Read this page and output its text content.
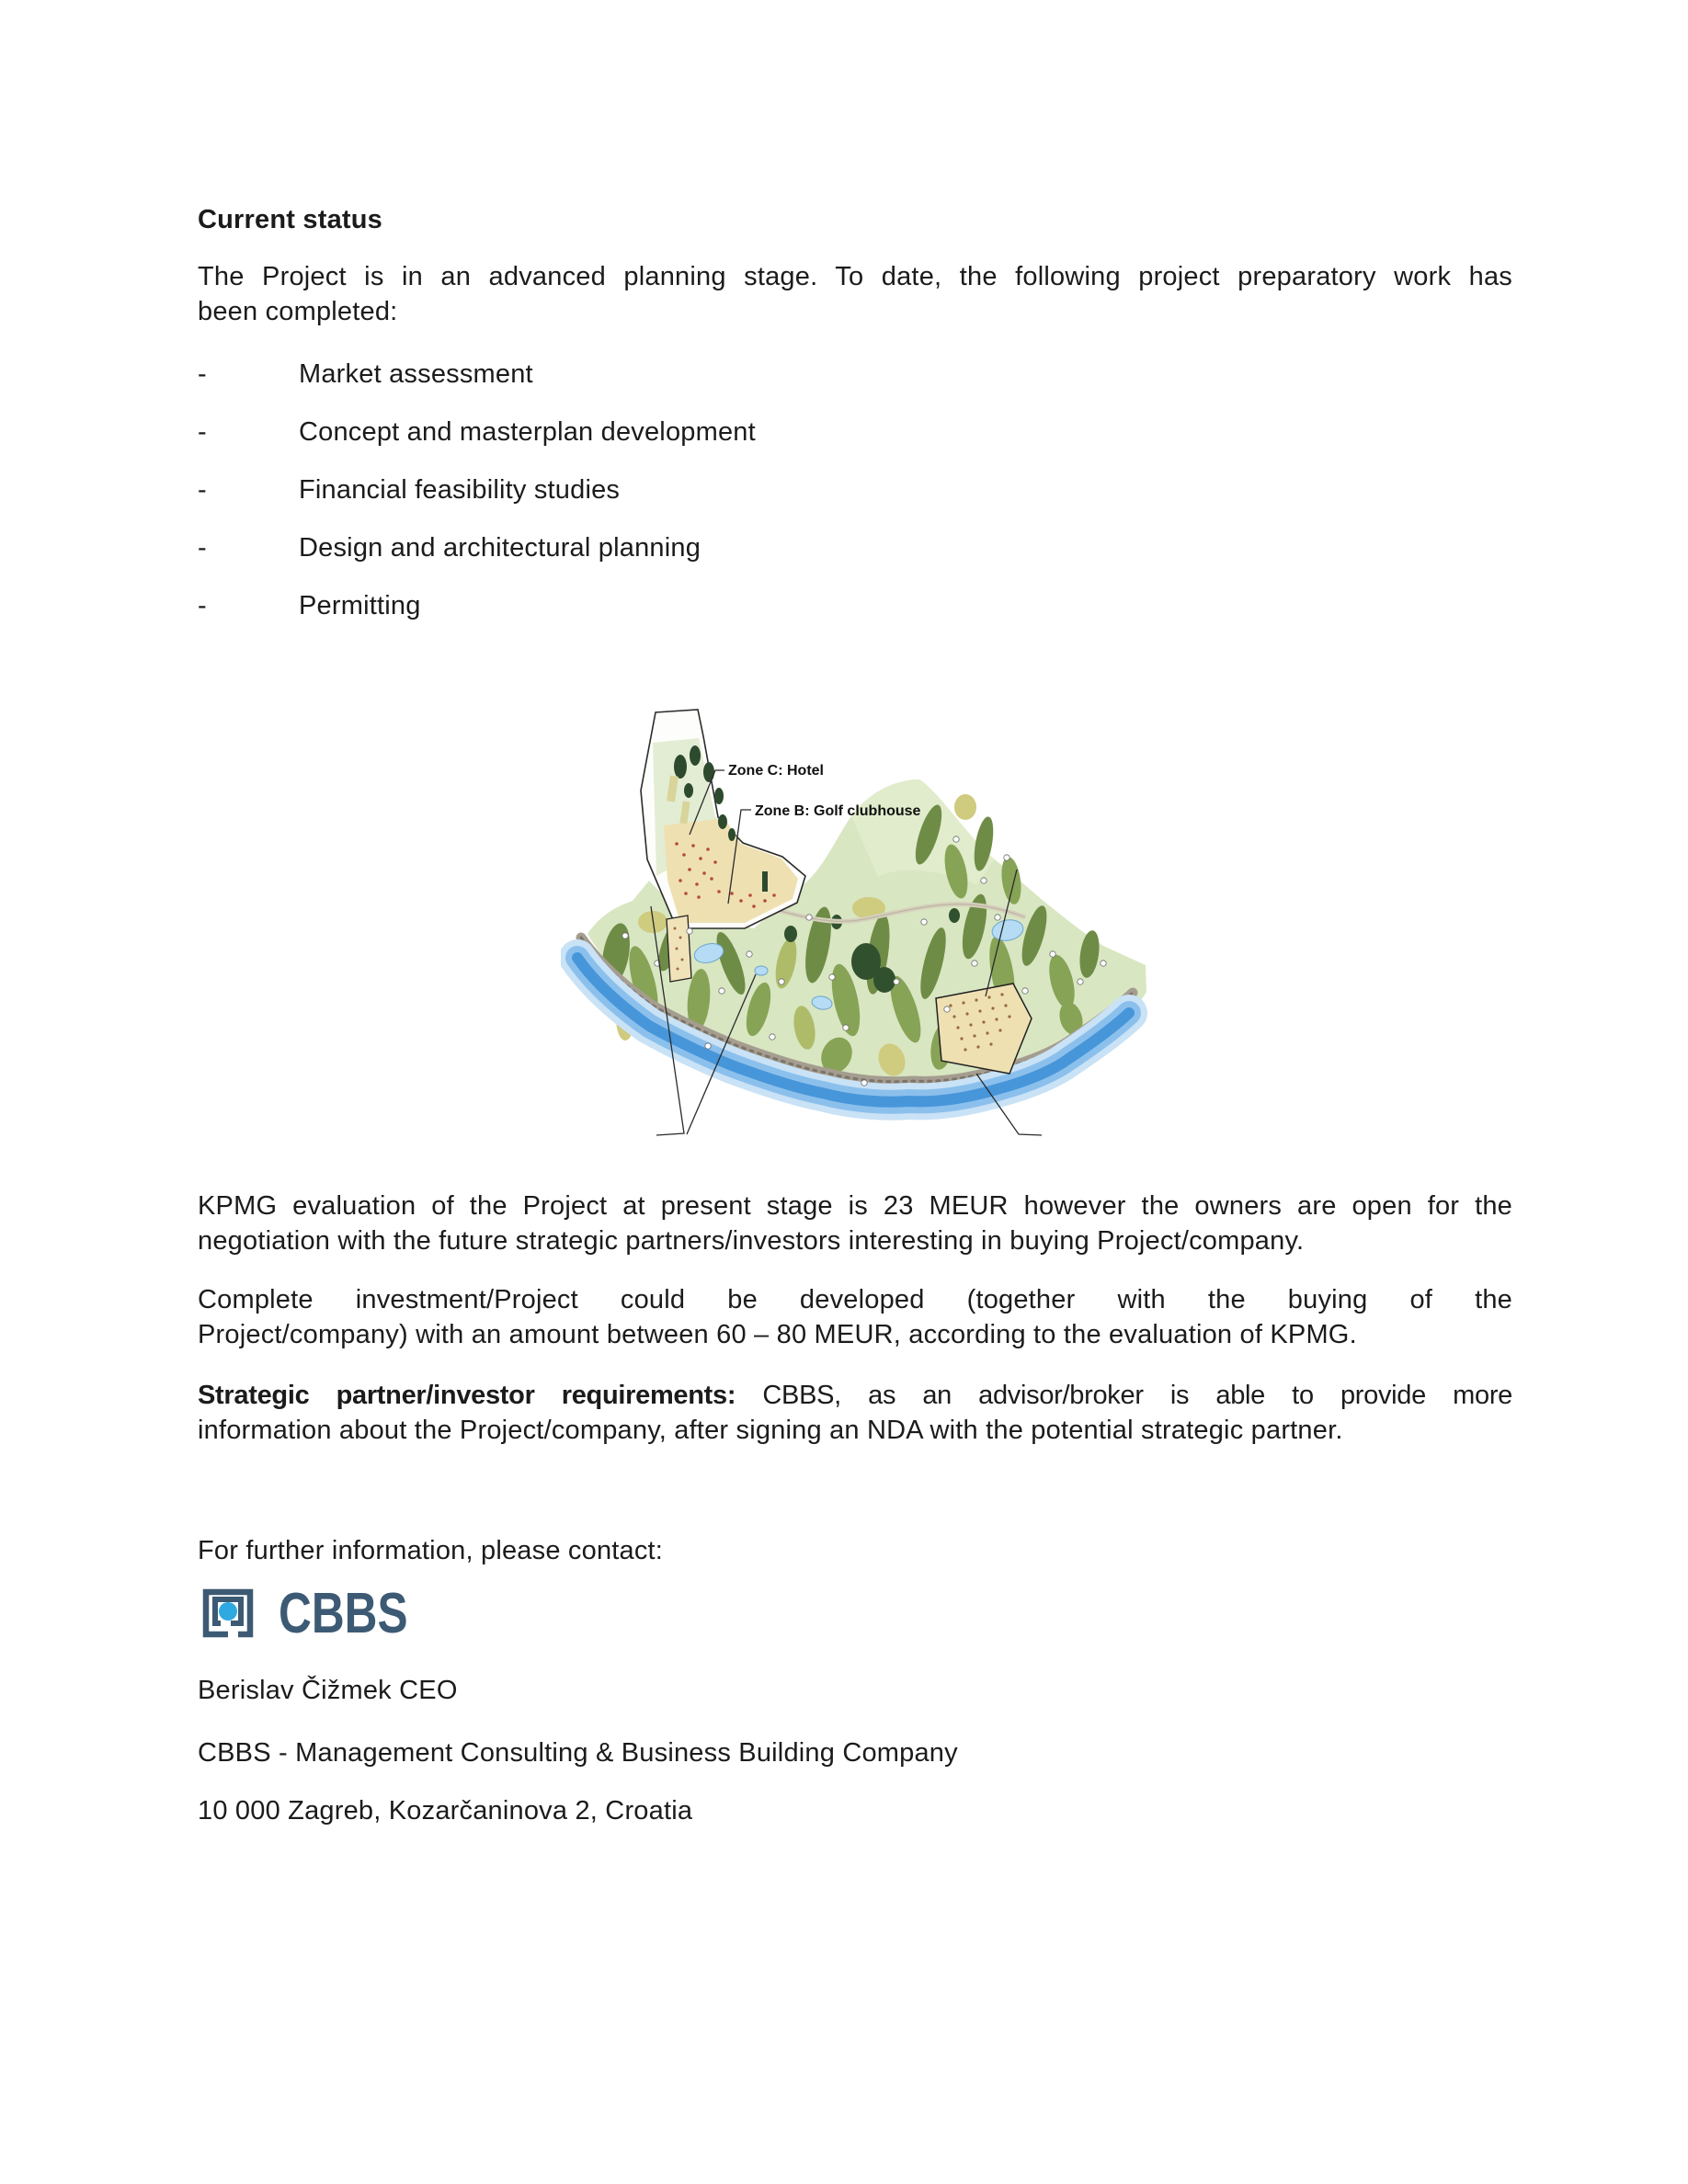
Current status
The Project is in an advanced planning stage. To date, the following project preparatory work has
been completed:
-	Market assessment
-	Concept and masterplan development
-	Financial feasibility studies
-	Design and architectural planning
-	Permitting
Zone C: Hotel
Zone B: Golf clubhouse
KPMG evaluation of the Project at present stage is 23 MEUR however the owners are open for the
negotiation with the future strategic partners/investors interesting in buying Project/company.
Complete investment/Project could be developed (together with the buying of the
Project/company) with an amount between 60 – 80 MEUR, according to the evaluation of KPMG.
Strategic partner/investor requirements: CBBS, as an advisor/broker is able to provide more
information about the Project/company, after signing an NDA with the potential strategic partner.
For further information, please contact:
CBBS
Berislav Čižmek CEO
CBBS - Management Consulting & Business Building Company
10 000 Zagreb, Kozarčaninova 2, Croatia
